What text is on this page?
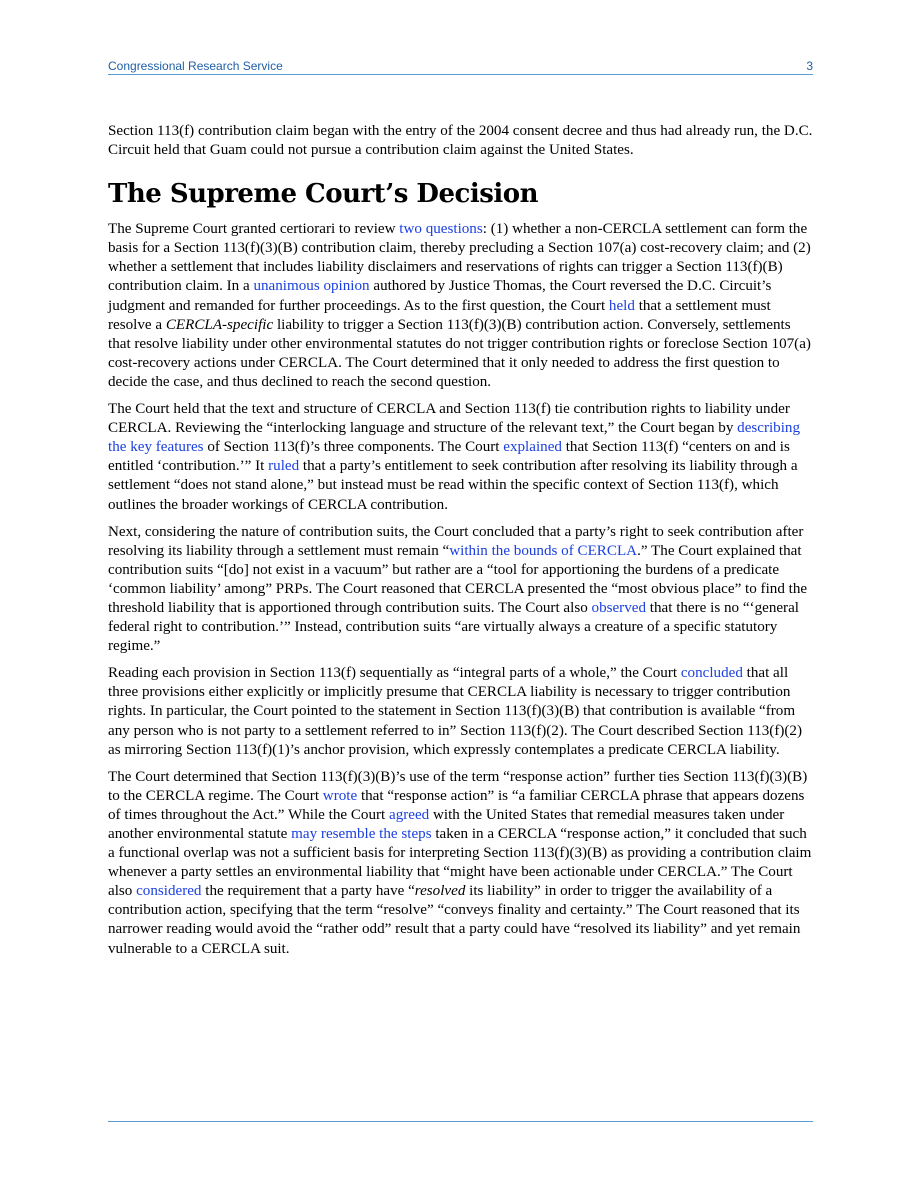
Congressional Research Service	3

Section 113(f) contribution claim began with the entry of the 2004 consent decree and thus had already run, the D.C. Circuit held that Guam could not pursue a contribution claim against the United States.

The Supreme Court’s Decision

The Supreme Court granted certiorari to review two questions: (1) whether a non-CERCLA settlement can form the basis for a Section 113(f)(3)(B) contribution claim, thereby precluding a Section 107(a) cost-recovery claim; and (2) whether a settlement that includes liability disclaimers and reservations of rights can trigger a Section 113(f)(B) contribution claim. In a unanimous opinion authored by Justice Thomas, the Court reversed the D.C. Circuit’s judgment and remanded for further proceedings. As to the first question, the Court held that a settlement must resolve a CERCLA-specific liability to trigger a Section 113(f)(3)(B) contribution action. Conversely, settlements that resolve liability under other environmental statutes do not trigger contribution rights or foreclose Section 107(a) cost-recovery actions under CERCLA. The Court determined that it only needed to address the first question to decide the case, and thus declined to reach the second question.

The Court held that the text and structure of CERCLA and Section 113(f) tie contribution rights to liability under CERCLA. Reviewing the “interlocking language and structure of the relevant text,” the Court began by describing the key features of Section 113(f)’s three components. The Court explained that Section 113(f) “centers on and is entitled ‘contribution.’” It ruled that a party’s entitlement to seek contribution after resolving its liability through a settlement “does not stand alone,” but instead must be read within the specific context of Section 113(f), which outlines the broader workings of CERCLA contribution.

Next, considering the nature of contribution suits, the Court concluded that a party’s right to seek contribution after resolving its liability through a settlement must remain “within the bounds of CERCLA.” The Court explained that contribution suits “[do] not exist in a vacuum” but rather are a “tool for apportioning the burdens of a predicate ‘common liability’ among” PRPs. The Court reasoned that CERCLA presented the “most obvious place” to find the threshold liability that is apportioned through contribution suits. The Court also observed that there is no “‘general federal right to contribution.’” Instead, contribution suits “are virtually always a creature of a specific statutory regime.”

Reading each provision in Section 113(f) sequentially as “integral parts of a whole,” the Court concluded that all three provisions either explicitly or implicitly presume that CERCLA liability is necessary to trigger contribution rights. In particular, the Court pointed to the statement in Section 113(f)(3)(B) that contribution is available “from any person who is not party to a settlement referred to in” Section 113(f)(2). The Court described Section 113(f)(2) as mirroring Section 113(f)(1)’s anchor provision, which expressly contemplates a predicate CERCLA liability.

The Court determined that Section 113(f)(3)(B)’s use of the term “response action” further ties Section 113(f)(3)(B) to the CERCLA regime. The Court wrote that “response action” is “a familiar CERCLA phrase that appears dozens of times throughout the Act.” While the Court agreed with the United States that remedial measures taken under another environmental statute may resemble the steps taken in a CERCLA “response action,” it concluded that such a functional overlap was not a sufficient basis for interpreting Section 113(f)(3)(B) as providing a contribution claim whenever a party settles an environmental liability that “might have been actionable under CERCLA.” The Court also considered the requirement that a party have “resolved its liability” in order to trigger the availability of a contribution action, specifying that the term “resolve” “conveys finality and certainty.” The Court reasoned that its narrower reading would avoid the “rather odd” result that a party could have “resolved its liability” and yet remain vulnerable to a CERCLA suit.
